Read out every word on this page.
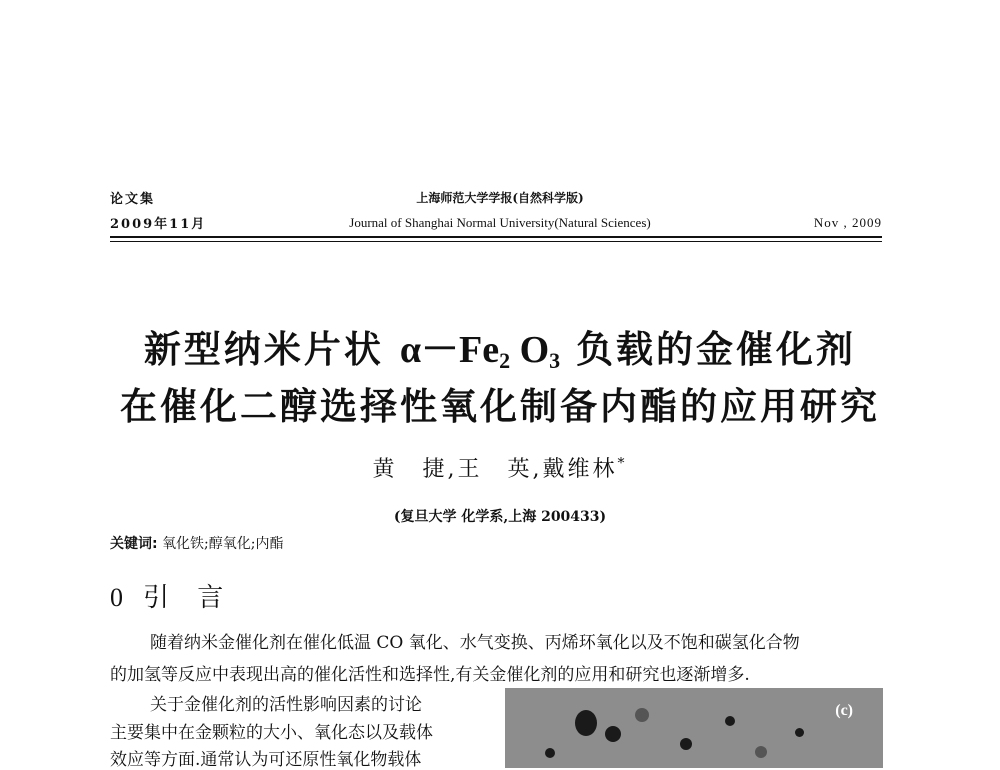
论文集
2009年11月
上海师范大学学报(自然科学版)
Journal of Shanghai Normal University(Natural Sciences)	Nov , 2009
新型纳米片状 $\alpha-Fe_2$ $O_3$ 负载的金催化剂
在催化二醇选择性氧化制备内酯的应用研究
黄　捷,王　英,戴维林*
(复旦大学 化学系,上海 200433)
关键词: 氧化铁;醇氧化;内酯
0引 言
随着纳米金催化剂在催化低温 CO 氧化、水气变换、丙烯环氧化以及不饱和碳氢化合物
的加氢等反应中表现出高的催化活性和选择性,有关金催化剂的应用和研究也逐渐增多.
关于金催化剂的活性影响因素的讨论
主要集中在金颗粒的大小、氧化态以及载体
效应等方面.通常认为可还原性氧化物载体
(c)
